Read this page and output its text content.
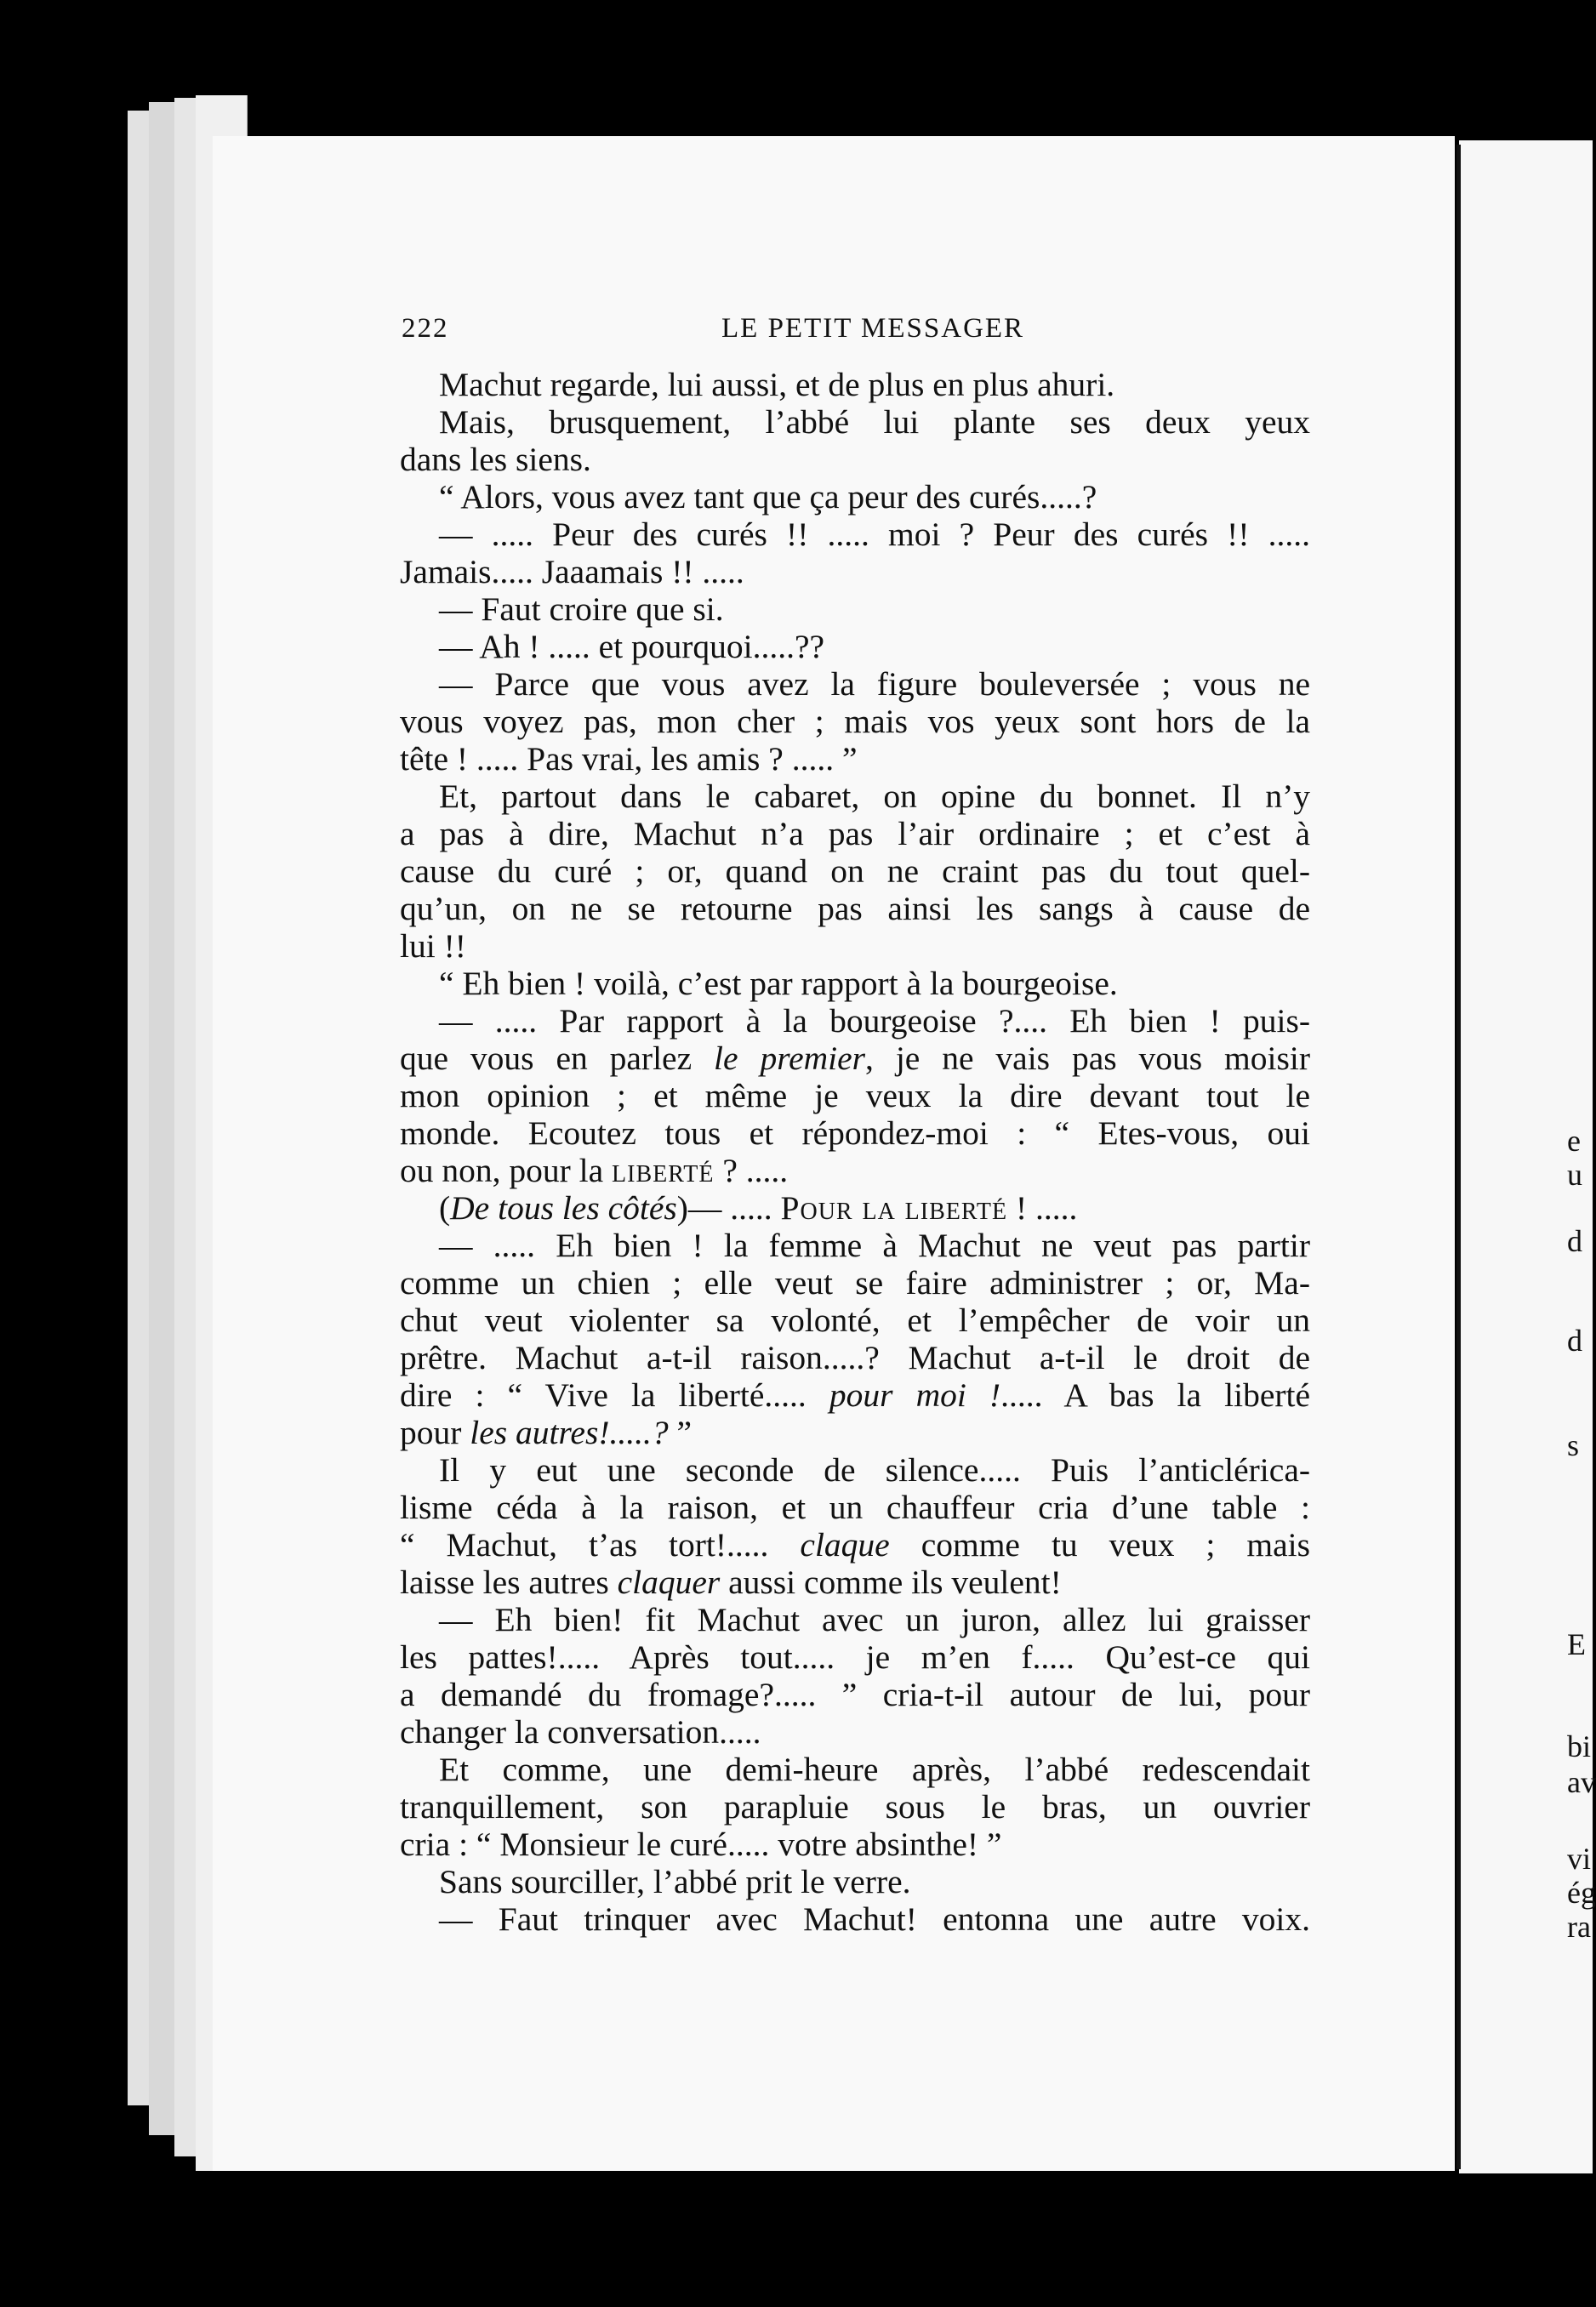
222	LE PETIT MESSAGER
Machut regarde, lui aussi, et de plus en plus ahuri.
Mais, brusquement, l’abbé lui plante ses deux yeux
dans les siens.
“ Alors, vous avez tant que ça peur des curés.....?
— ..... Peur des curés !! ..... moi ? Peur des curés !! .....
Jamais..... Jaaamais !! .....
— Faut croire que si.
— Ah ! ..... et pourquoi.....??
— Parce que vous avez la figure bouleversée ; vous ne
vous voyez pas, mon cher ; mais vos yeux sont hors de la
tête ! ..... Pas vrai, les amis ? ..... ”
Et, partout dans le cabaret, on opine du bonnet. Il n’y
a pas à dire, Machut n’a pas l’air ordinaire ; et c’est à
cause du curé ; or, quand on ne craint pas du tout quel-
qu’un, on ne se retourne pas ainsi les sangs à cause de
lui !!
“ Eh bien ! voilà, c’est par rapport à la bourgeoise.
— ..... Par rapport à la bourgeoise ?.... Eh bien ! puis-
que vous en parlez le premier, je ne vais pas vous moisir
mon opinion ; et même je veux la dire devant tout le
monde. Ecoutez tous et répondez-moi : “ Etes-vous, oui
ou non, pour la liberté ? .....
(De tous les côtés)— ..... Pour la liberté ! .....
— ..... Eh bien ! la femme à Machut ne veut pas partir
comme un chien ; elle veut se faire administrer ; or, Ma-
chut veut violenter sa volonté, et l’empêcher de voir un
prêtre. Machut a-t-il raison.....? Machut a-t-il le droit de
dire : “ Vive la liberté..... pour moi !..... A bas la liberté
pour les autres!.....? ”
Il y eut une seconde de silence..... Puis l’anticlérica-
lisme céda à la raison, et un chauffeur cria d’une table :
“ Machut, t’as tort!..... claque comme tu veux ; mais
laisse les autres claquer aussi comme ils veulent!
— Eh bien! fit Machut avec un juron, allez lui graisser
les pattes!..... Après tout..... je m’en f..... Qu’est-ce qui
a demandé du fromage?..... ” cria-t-il autour de lui, pour
changer la conversation.....
Et comme, une demi-heure après, l’abbé redescendait
tranquillement, son parapluie sous le bras, un ouvrier
cria : “ Monsieur le curé..... votre absinthe! ”
Sans sourciller, l’abbé prit le verre.
— Faut trinquer avec Machut! entonna une autre voix.
e
u
d
d
s
E
bi
av
vi
ég
ra
